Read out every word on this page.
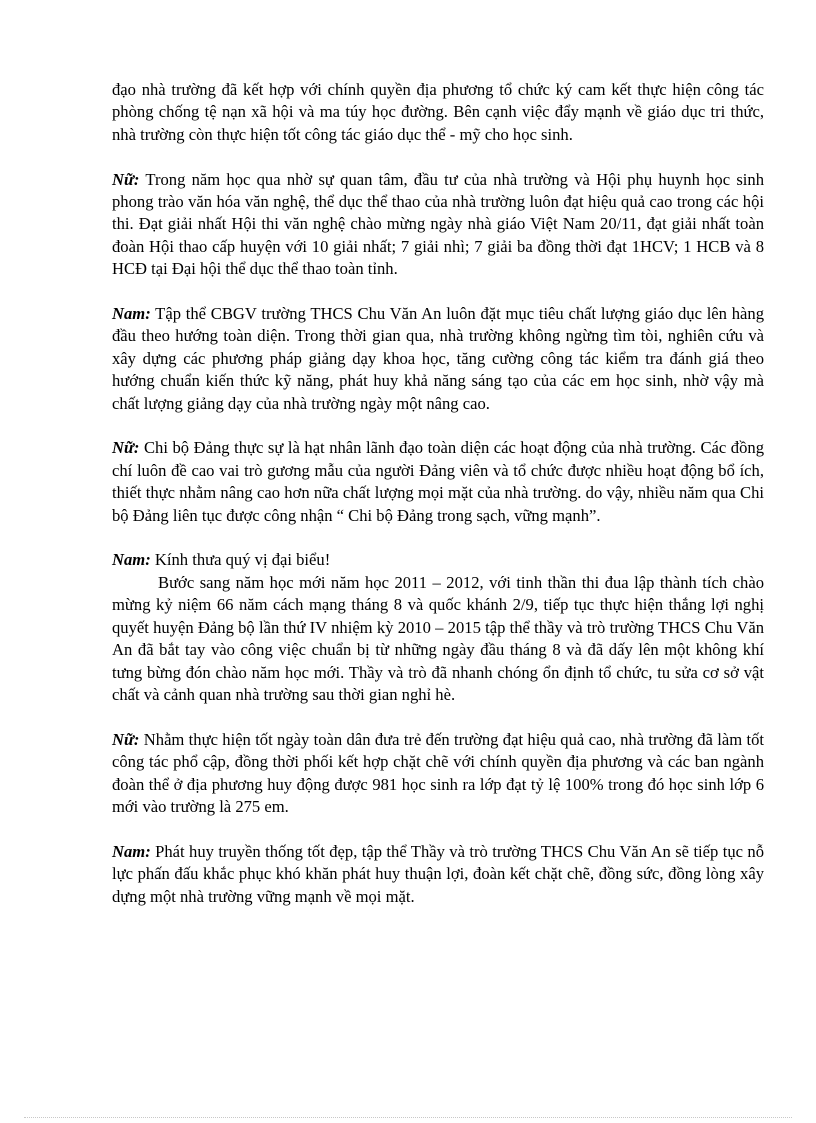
đạo nhà trường đã kết hợp với chính quyền địa phương tổ chức ký cam kết thực hiện công tác phòng chống tệ nạn xã hội và ma túy học đường. Bên cạnh việc đẩy mạnh về giáo dục tri thức, nhà trường còn thực hiện tốt công tác giáo dục thể - mỹ cho học sinh.

Nữ: Trong năm học qua nhờ sự quan tâm, đầu tư của nhà trường và Hội phụ huynh học sinh phong trào văn hóa văn nghệ, thể dục thể thao của nhà trường luôn đạt hiệu quả cao trong các hội thi. Đạt giải nhất Hội thi văn nghệ chào mừng ngày nhà giáo Việt Nam 20/11, đạt giải nhất toàn đoàn Hội thao cấp huyện với 10 giải nhất; 7 giải nhì; 7 giải ba đồng thời đạt 1HCV; 1 HCB và 8 HCĐ tại Đại hội thể dục thể thao toàn tỉnh.

Nam: Tập thể CBGV trường THCS Chu Văn An luôn đặt mục tiêu chất lượng giáo dục lên hàng đầu theo hướng toàn diện. Trong thời gian qua, nhà trường không ngừng tìm tòi, nghiên cứu và xây dựng các phương pháp giảng dạy khoa học, tăng cường công tác kiểm tra đánh giá theo hướng chuẩn kiến thức kỹ năng, phát huy khả năng sáng tạo của các em học sinh, nhờ vậy mà chất lượng giảng dạy của nhà trường ngày một nâng cao.

Nữ: Chi bộ Đảng thực sự là hạt nhân lãnh đạo toàn diện các hoạt động của nhà trường. Các đồng chí luôn đề cao vai trò gương mẫu của người Đảng viên và tổ chức được nhiều hoạt động bổ ích, thiết thực nhằm nâng cao hơn nữa chất lượng mọi mặt của nhà trường. do vậy, nhiều năm qua Chi bộ Đảng liên tục được công nhận “ Chi bộ Đảng trong sạch, vững mạnh”.

Nam: Kính thưa quý vị đại biểu!
Bước sang năm học mới năm học 2011 – 2012, với tinh thần thi đua lập thành tích chào mừng kỷ niệm 66 năm cách mạng tháng 8 và quốc khánh 2/9, tiếp tục thực hiện thắng lợi nghị quyết huyện Đảng bộ lần thứ IV nhiệm kỳ 2010 – 2015 tập thể thầy và trò trường THCS Chu Văn An đã bắt tay vào công việc chuẩn bị từ những ngày đầu tháng 8 và đã dấy lên một không khí tưng bừng đón chào năm học mới. Thầy và trò đã nhanh chóng ổn định tổ chức, tu sửa cơ sở vật chất và cảnh quan nhà trường sau thời gian nghỉ hè.

Nữ: Nhằm thực hiện tốt ngày toàn dân đưa trẻ đến trường đạt hiệu quả cao, nhà trường đã làm tốt công tác phổ cập, đồng thời phối kết hợp chặt chẽ với chính quyền địa phương và các ban ngành đoàn thể ở địa phương huy động được 981 học sinh ra lớp đạt tỷ lệ 100% trong đó học sinh lớp 6 mới vào trường là 275 em.

Nam: Phát huy truyền thống tốt đẹp, tập thể Thầy và trò trường THCS Chu Văn An sẽ tiếp tục nỗ lực phấn đấu khắc phục khó khăn phát huy thuận lợi, đoàn kết chặt chẽ, đồng sức, đồng lòng xây dựng một nhà trường vững mạnh về mọi mặt.
